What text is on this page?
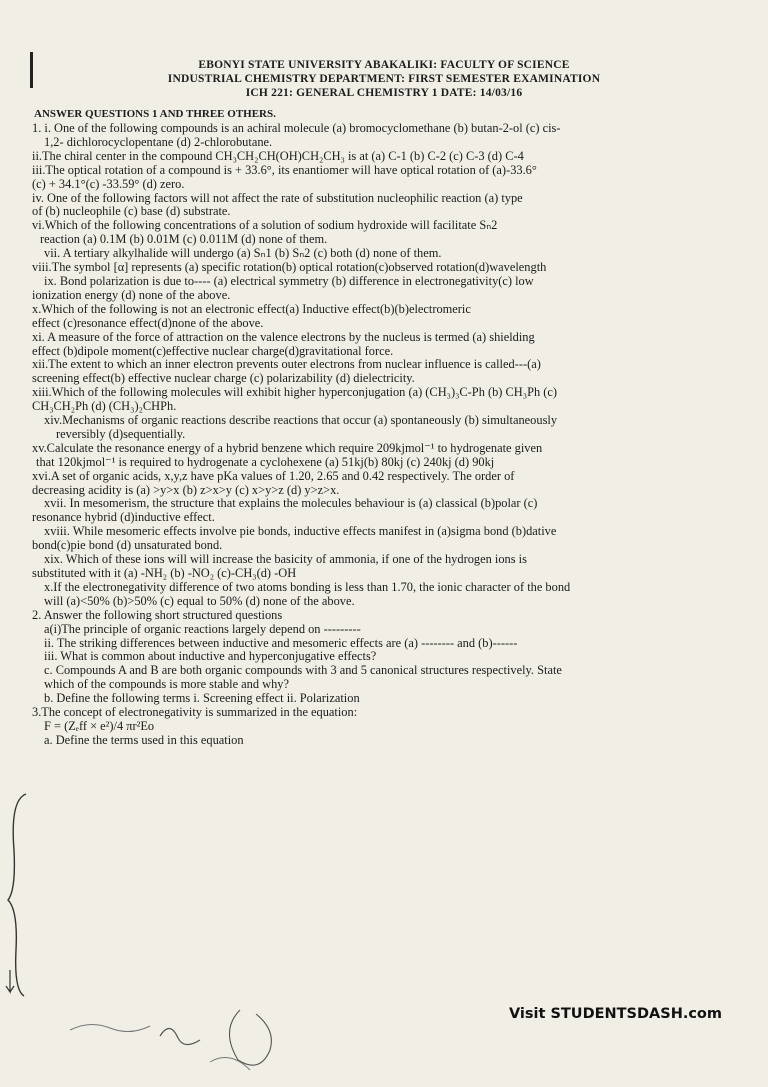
EBONYI STATE UNIVERSITY ABAKALIKI: FACULTY OF SCIENCE
INDUSTRIAL CHEMISTRY DEPARTMENT: FIRST SEMESTER EXAMINATION
ICH 221: GENERAL CHEMISTRY 1 DATE: 14/03/16
ANSWER QUESTIONS 1 AND THREE OTHERS.
1. i. One of the following compounds is an achiral molecule (a) bromocyclomethane (b) butan-2-ol (c) cis-
1,2- dichlorocyclopentane (d) 2-chlorobutane.
ii.The chiral center in the compound CH₃CH₂CH(OH)CH₂CH₃ is at (a) C-1 (b) C-2 (c) C-3 (d) C-4
iii.The optical rotation of a compound is + 33.6°, its enantiomer will have optical rotation of (a)-33.6°
(c) + 34.1°(c) -33.59° (d) zero.
iv. One of the following factors will not affect the rate of substitution nucleophilic reaction (a) type
of (b) nucleophile (c) base (d) substrate.
vi.Which of the following concentrations of a solution of sodium hydroxide will facilitate Sₙ2
reaction (a) 0.1M (b) 0.01M (c) 0.011M (d) none of them.
vii. A tertiary alkylhalide will undergo (a) Sₙ1 (b) Sₙ2 (c) both (d) none of them.
viii.The symbol [α] represents (a) specific rotation(b) optical rotation(c)observed rotation(d)wavelength
ix. Bond polarization is due to---- (a) electrical symmetry (b) difference in electronegativity(c) low
ionization energy (d) none of the above.
x.Which of the following is not an electronic effect(a) Inductive effect(b)(b)electromeric
effect (c)resonance effect(d)none of the above.
xi. A measure of the force of attraction on the valence electrons by the nucleus is termed (a) shielding
effect (b)dipole moment(c)effective nuclear charge(d)gravitational force.
xii.The extent to which an inner electron prevents outer electrons from nuclear influence is called---(a)
screening effect(b) effective nuclear charge (c) polarizability (d) dielectricity.
xiii.Which of the following molecules will exhibit higher hyperconjugation (a) (CH₃)₃C-Ph (b) CH₃Ph (c)
CH₃CH₂Ph (d) (CH₃)₂CHPh.
xiv.Mechanisms of organic reactions describe reactions that occur (a) spontaneously (b) simultaneously
reversibly (d)sequentially.
xv.Calculate the resonance energy of a hybrid benzene which require 209kjmol⁻¹ to hydrogenate given
that 120kjmol⁻¹ is required to hydrogenate a cyclohexene (a) 51kj(b) 80kj (c) 240kj (d) 90kj
xvi.A set of organic acids, x,y,z have pKa values of 1.20, 2.65 and 0.42 respectively. The order of
decreasing acidity is (a) >y>x (b) z>x>y (c) x>y>z (d) y>z>x.
xvii. In mesomerism, the structure that explains the molecules behaviour is (a) classical (b)polar (c)
resonance hybrid (d)inductive effect.
xviii. While mesomeric effects involve pie bonds, inductive effects manifest in (a)sigma bond (b)dative
bond(c)pie bond (d) unsaturated bond.
xix. Which of these ions will will increase the basicity of ammonia, if one of the hydrogen ions is
substituted with it (a) -NH₂ (b) -NO₂ (c)-CH₃(d) -OH
x.If the electronegativity difference of two atoms bonding is less than 1.70, the ionic character of the bond
will (a)<50% (b)>50% (c) equal to 50% (d) none of the above.
2. Answer the following short structured questions
a(i)The principle of organic reactions largely depend on ---------
ii. The striking differences between inductive and mesomeric effects are (a) -------- and (b)------
iii. What is common about inductive and hyperconjugative effects?
c. Compounds A and B are both organic compounds with 3 and 5 canonical structures respectively. State
which of the compounds is more stable and why?
b. Define the following terms i. Screening effect ii. Polarization
3.The concept of electronegativity is summarized in the equation:
F = (Zₑff × e²)/4 πr²Eo
a. Define the terms used in this equation
Visit STUDENTSDASH.com
